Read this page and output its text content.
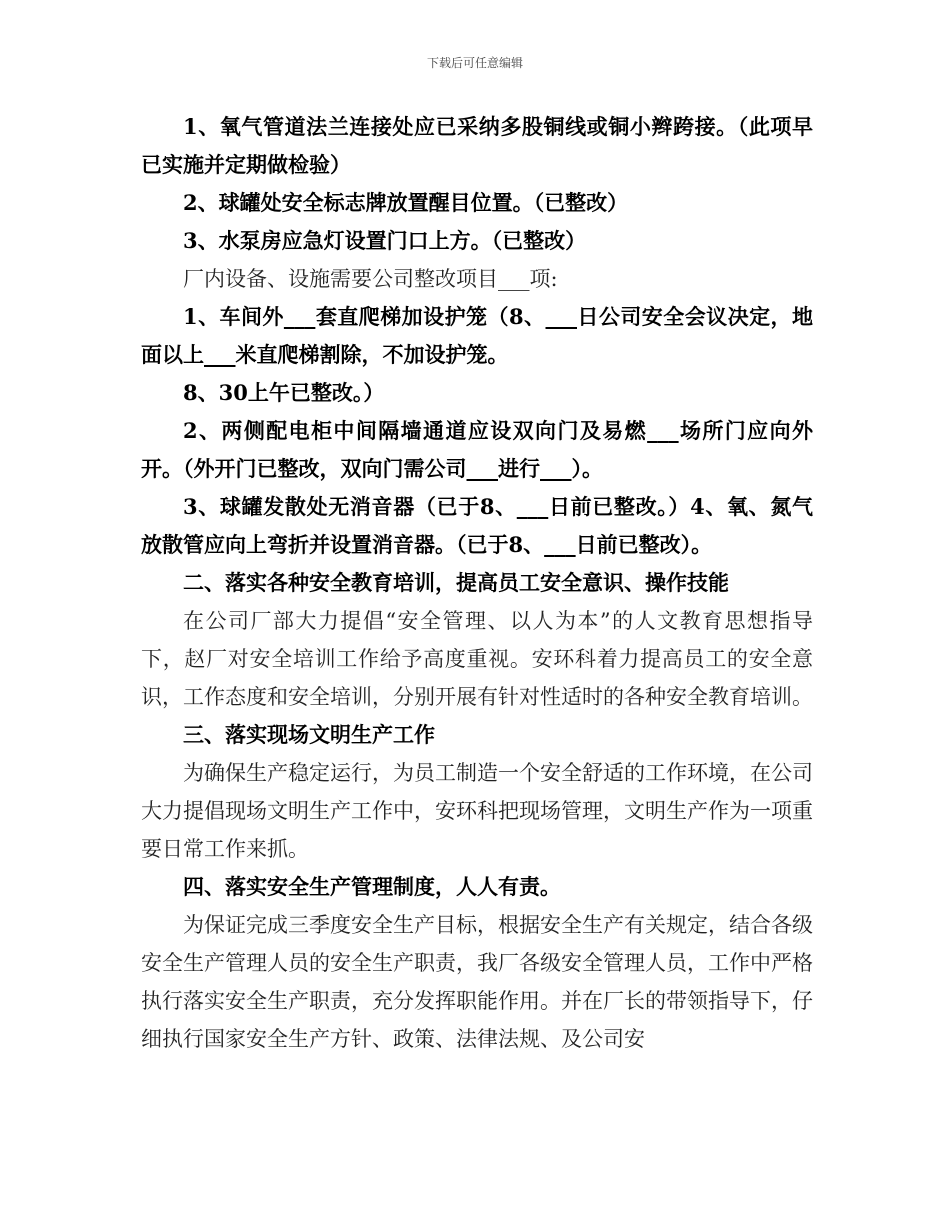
下载后可任意编辑

1、氧气管道法兰连接处应已采纳多股铜线或铜小辫跨接。（此项早已实施并定期做检验）

2、球罐处安全标志牌放置醒目位置。（已整改）

3、水泵房应急灯设置门口上方。（已整改）

厂内设备、设施需要公司整改项目___项:

1、车间外___套直爬梯加设护笼（8、___日公司安全会议决定，地面以上___米直爬梯割除，不加设护笼。

8、30上午已整改。）

2、两侧配电柜中间隔墙通道应设双向门及易燃___场所门应向外开。（外开门已整改，双向门需公司___进行___）。

3、球罐发散处无消音器（已于8、___日前已整改。）4、氧、氮气放散管应向上弯折并设置消音器。（已于8、___日前已整改）。

二、落实各种安全教育培训，提高员工安全意识、操作技能

在公司厂部大力提倡“安全管理、以人为本”的人文教育思想指导下，赵厂对安全培训工作给予高度重视。安环科着力提高员工的安全意识，工作态度和安全培训，分别开展有针对性适时的各种安全教育培训。

三、落实现场文明生产工作

为确保生产稳定运行，为员工制造一个安全舒适的工作环境，在公司大力提倡现场文明生产工作中，安环科把现场管理，文明生产作为一项重要日常工作来抓。

四、落实安全生产管理制度，人人有责。

为保证完成三季度安全生产目标，根据安全生产有关规定，结合各级安全生产管理人员的安全生产职责，我厂各级安全管理人员，工作中严格执行落实安全生产职责，充分发挥职能作用。并在厂长的带领指导下，仔细执行国家安全生产方针、政策、法律法规、及公司安
